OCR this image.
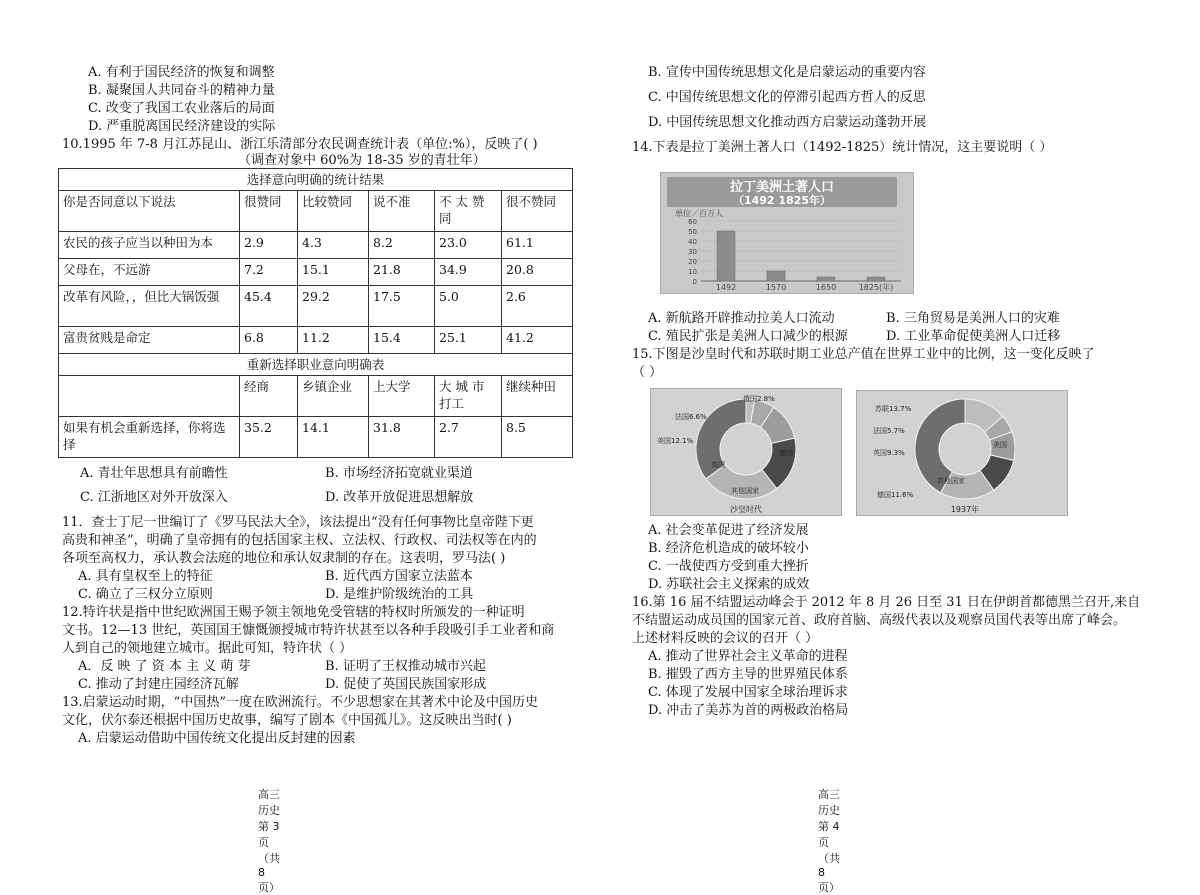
A. 有利于国民经济的恢复和调整
B. 凝聚国人共同奋斗的精神力量
C. 改变了我国工农业落后的局面
D. 严重脱离国民经济建设的实际
10.1995 年 7-8 月江苏昆山、浙江乐清部分农民调查统计表（单位:%），反映了( )
（调查对象中 60%为 18-35 岁的青壮年）
选择意向明确的统计结果					
你是否同意以下说法	很赞同	比较赞同	说不准	不 太 赞 同	很不赞同
农民的孩子应当以种田为本	2.9	4.3	8.2	23.0	61.1
父母在，不远游	7.2	15.1	21.8	34.9	20.8
改革有风险，，但比大锅饭强	45.4	29.2	17.5	5.0	2.6
富贵贫贱是命定	6.8	11.2	15.4	25.1	41.2
重新选择职业意向明确表					
	经商	乡镇企业	上大学	大 城 市 打工	继续种田
如果有机会重新选择，你将选择	35.2	14.1	31.8	2.7	8.5
A. 青壮年思想具有前瞻性	B. 市场经济拓宽就业渠道
C. 江浙地区对外开放深入	D. 改革开放促进思想解放
11．查士丁尼一世编订了《罗马民法大全》，该法提出“没有任何事物比皇帝陛下更
高贵和神圣”，明确了皇帝拥有的包括国家主权、立法权、行政权、司法权等在内的
各项至高权力，承认教会法庭的地位和承认奴隶制的存在。这表明，罗马法( )
A. 具有皇权至上的特征	B. 近代西方国家立法蓝本
C. 确立了三权分立原则	D. 是维护阶级统治的工具
12.特许状是指中世纪欧洲国王赐予领主领地免受管辖的特权时所颁发的一种证明
文书。12—13 世纪，英国国王慷慨颁授城市特许状甚至以各种手段吸引手工业者和商
人到自己的领地建立城市。据此可知，特许状（ ）
A．反 映 了 资 本 主 义 萌 芽	B. 证明了王权推动城市兴起
C. 推动了封建庄园经济瓦解	D. 促使了英国民族国家形成
13.启蒙运动时期，“中国热”一度在欧洲流行。不少思想家在其著术中论及中国历史
文化，伏尔泰还根据中国历史故事，编写了剧本《中国孤儿》。这反映出当时( )
A. 启蒙运动借助中国传统文化提出反封建的因素
高三历史 第 3 页 （共 8 页）
B. 宣传中国传统思想文化是启蒙运动的重要内容
C. 中国传统思想文化的停滞引起西方哲人的反思
D. 中国传统思想文化推动西方启蒙运动蓬勃开展
14.下表是拉丁美洲土著人口（1492-1825）统计情况，这主要说明（ ）
拉丁美洲土著人口
（1492 1825年）
单位／百万人
60
50
40
30
20
10
0
1492	1570	1650	1825(年)
A. 新航路开辟推动拉美人口流动	B. 三角贸易是美洲人口的灾难
C. 殖民扩张是美洲人口减少的根源	D. 工业革命促使美洲人口迁移
15.下图是沙皇时代和苏联时期工业总产值在世界工业中的比例，这一变化反映了
（ ）
俄国2.8%
法国6.6%
美国12.1%
英国
其他国家
德国
沙皇时代
苏联13.7%
法国5.7%
英国9.3%
德国11.6%
其他国家
美国
1937年
A. 社会变革促进了经济发展
B. 经济危机造成的破坏较小
C. 一战使西方受到重大挫折
D. 苏联社会主义探索的成效
16.第 16 届不结盟运动峰会于 2012 年 8 月 26 日至 31 日在伊朗首都德黑兰召开,来自
不结盟运动成员国的国家元首、政府首脑、高级代表以及观察员国代表等出席了峰会。
上述材料反映的会议的召开（ ）
A. 推动了世界社会主义革命的进程
B. 摧毁了西方主导的世界殖民体系
C. 体现了发展中国家全球治理诉求
D. 冲击了美苏为首的两极政治格局
高三历史 第 4 页 （共 8 页）
